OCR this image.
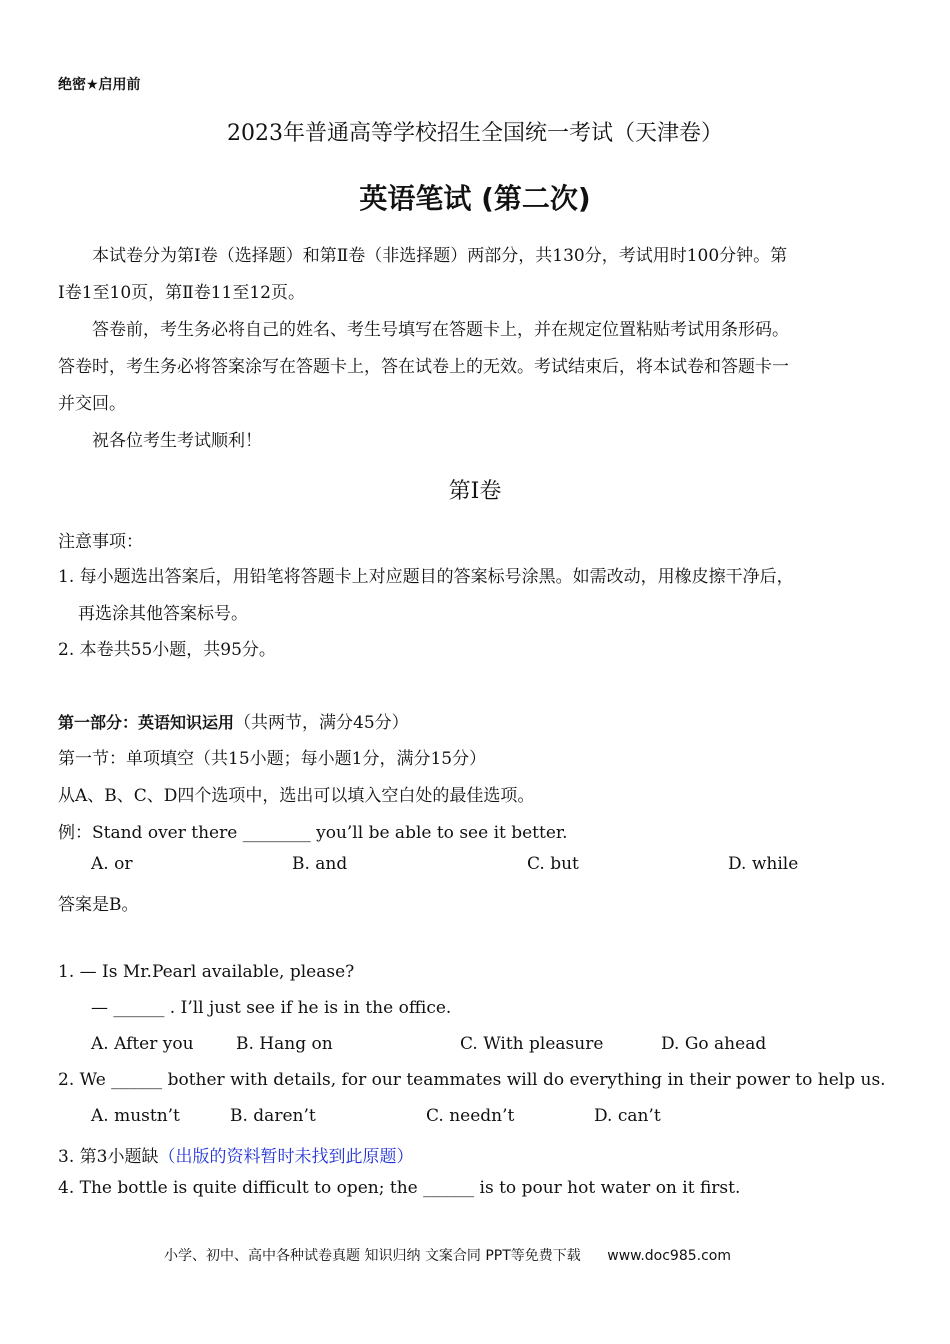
绝密★启用前
2023年普通高等学校招生全国统一考试（天津卷）
英语笔试 (第二次)
本试卷分为第Ⅰ卷（选择题）和第Ⅱ卷（非选择题）两部分，共130分，考试用时100分钟。第
Ⅰ卷1至10页，第Ⅱ卷11至12页。
答卷前，考生务必将自己的姓名、考生号填写在答题卡上，并在规定位置粘贴考试用条形码。
答卷时，考生务必将答案涂写在答题卡上，答在试卷上的无效。考试结束后，将本试卷和答题卡一
并交回。
祝各位考生考试顺利！
第Ⅰ卷
注意事项：
1. 每小题选出答案后，用铅笔将答题卡上对应题目的答案标号涂黑。如需改动，用橡皮擦干净后，
再选涂其他答案标号。
2. 本卷共55小题，共95分。
第一部分：英语知识运用（共两节，满分45分）
第一节：单项填空（共15小题；每小题1分，满分15分）
从A、B、C、D四个选项中，选出可以填入空白处的最佳选项。
例：Stand over there ________ you’ll be able to see it better.
A. or	B. and	C. but	D. while
答案是B。
1. — Is Mr.Pearl available, please?
— ______ . I’ll just see if he is in the office.
A. After you B. Hang on	C. With pleasure	D. Go ahead
2. We ______ bother with details, for our teammates will do everything in their power to help us.
A. mustn’t	B. daren’t	C. needn’t	D. can’t
3. 第3小题缺（出版的资料暂时未找到此原题）
4. The bottle is quite difficult to open; the ______ is to pour hot water on it first.
小学、初中、高中各种试卷真题 知识归纳 文案合同 PPT等免费下载 www.doc985.com
